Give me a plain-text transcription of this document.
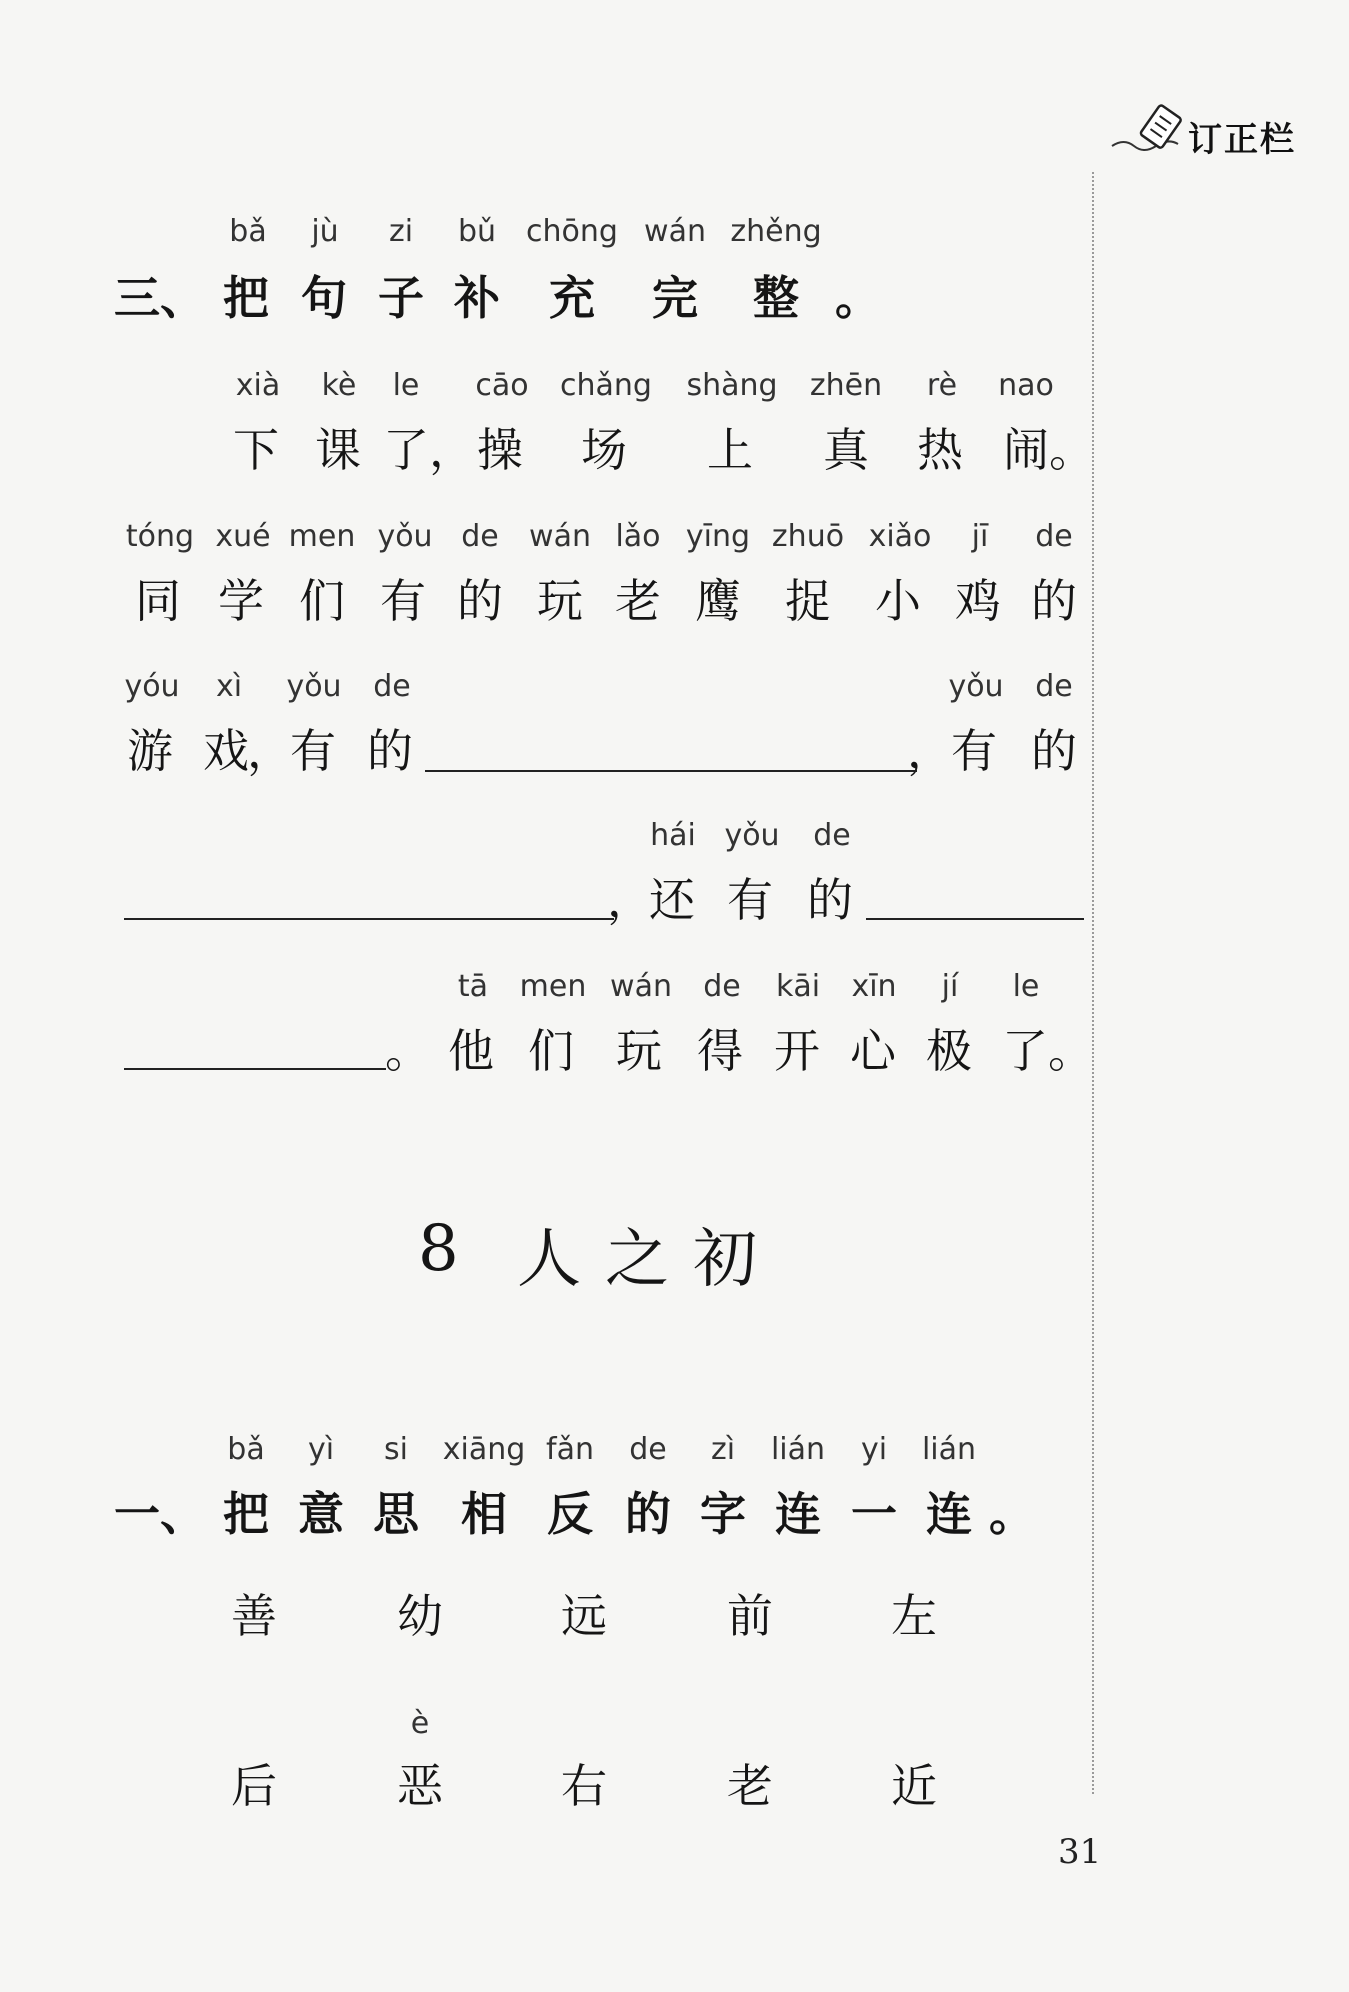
订正栏
bǎ jù zi bǔ chōng wán zhěng
三、 把 句 子 补 充 完 整 。
xià kè le cāo chǎng shàng zhēn rè nao
下 课 了 ， 操 场 上 真 热 闹 。
tóng xué men yǒu de wán lǎo yīng zhuō xiǎo jī de
同 学 们 有 的 玩 老 鹰 捉 小 鸡 的
yóu xì yǒu de	yǒu de
游 戏
，
有 的	，
有 的
hái yǒu de
，
还 有 的
tā men wán de kāi xīn jí le
。 他 们 玩 得 开 心 极 了 。
8 人之初
bǎ yì si xiāng fǎn de zì lián yi lián
一、 把 意 思 相 反 的 字 连 一 连 。
善	幼	远	前	左
è
后	恶	右	老	近
31
